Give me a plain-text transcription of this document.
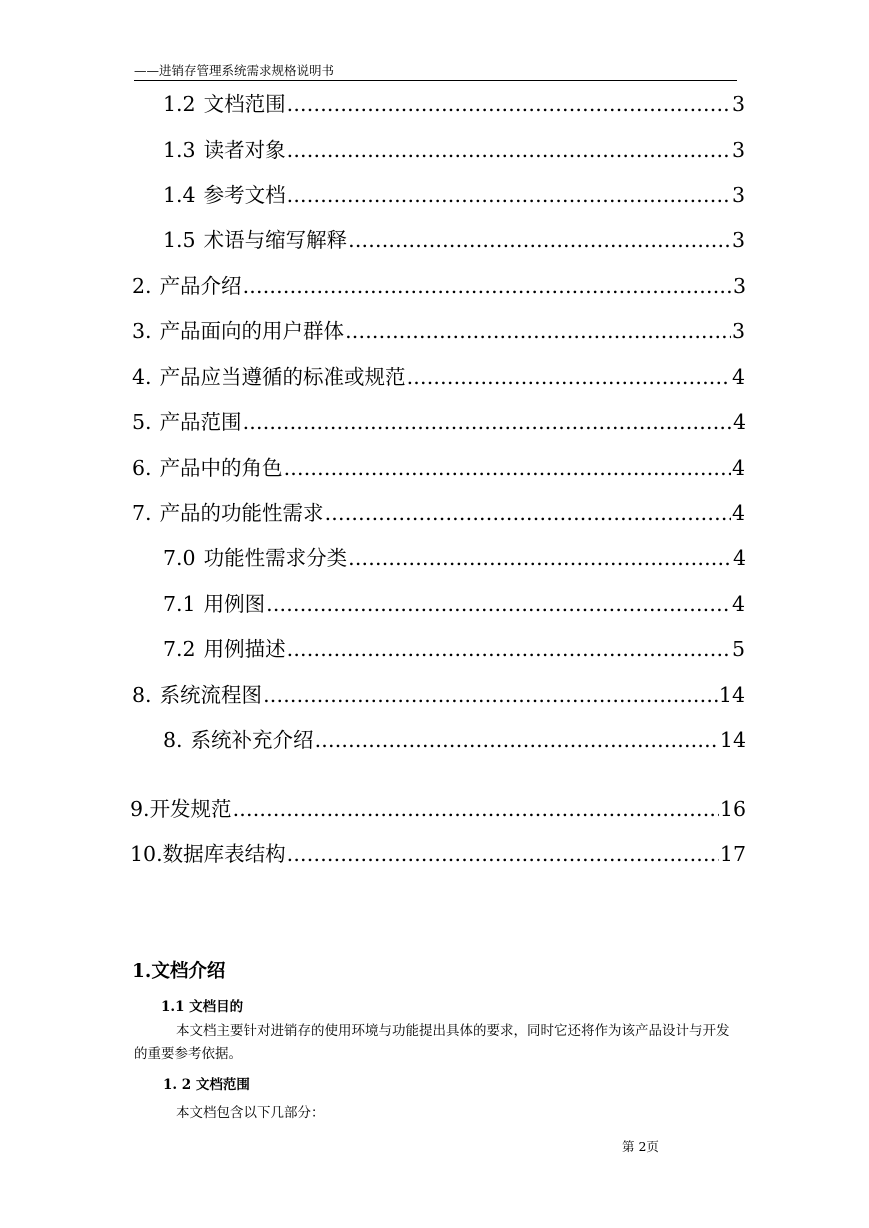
——进销存管理系统需求规格说明书
1.2 文档范围 .....	3
1.3 读者对象 .....	3
1.4 参考文档 .....	3
1.5 术语与缩写解释 .....	3
2. 产品介绍 .....	3
3. 产品面向的用户群体 .....	3
4. 产品应当遵循的标准或规范 .....	4
5. 产品范围 .....	4
6. 产品中的角色 .....	4
7. 产品的功能性需求 .....	4
7.0 功能性需求分类 .....	4
7.1 用例图 .....	4
7.2 用例描述 .....	5
8. 系统流程图 .....	14
8. 系统补充介绍 .....	14
9. 开发规范 .....	16
10. 数据库表结构 .....	17
1.文档介绍
1.1 文档目的
本文档主要针对进销存的使用环境与功能提出具体的要求，同时它还将作为该产品设计与开发的重要参考依据。
1. 2 文档范围
本文档包含以下几部分：
第 2页
